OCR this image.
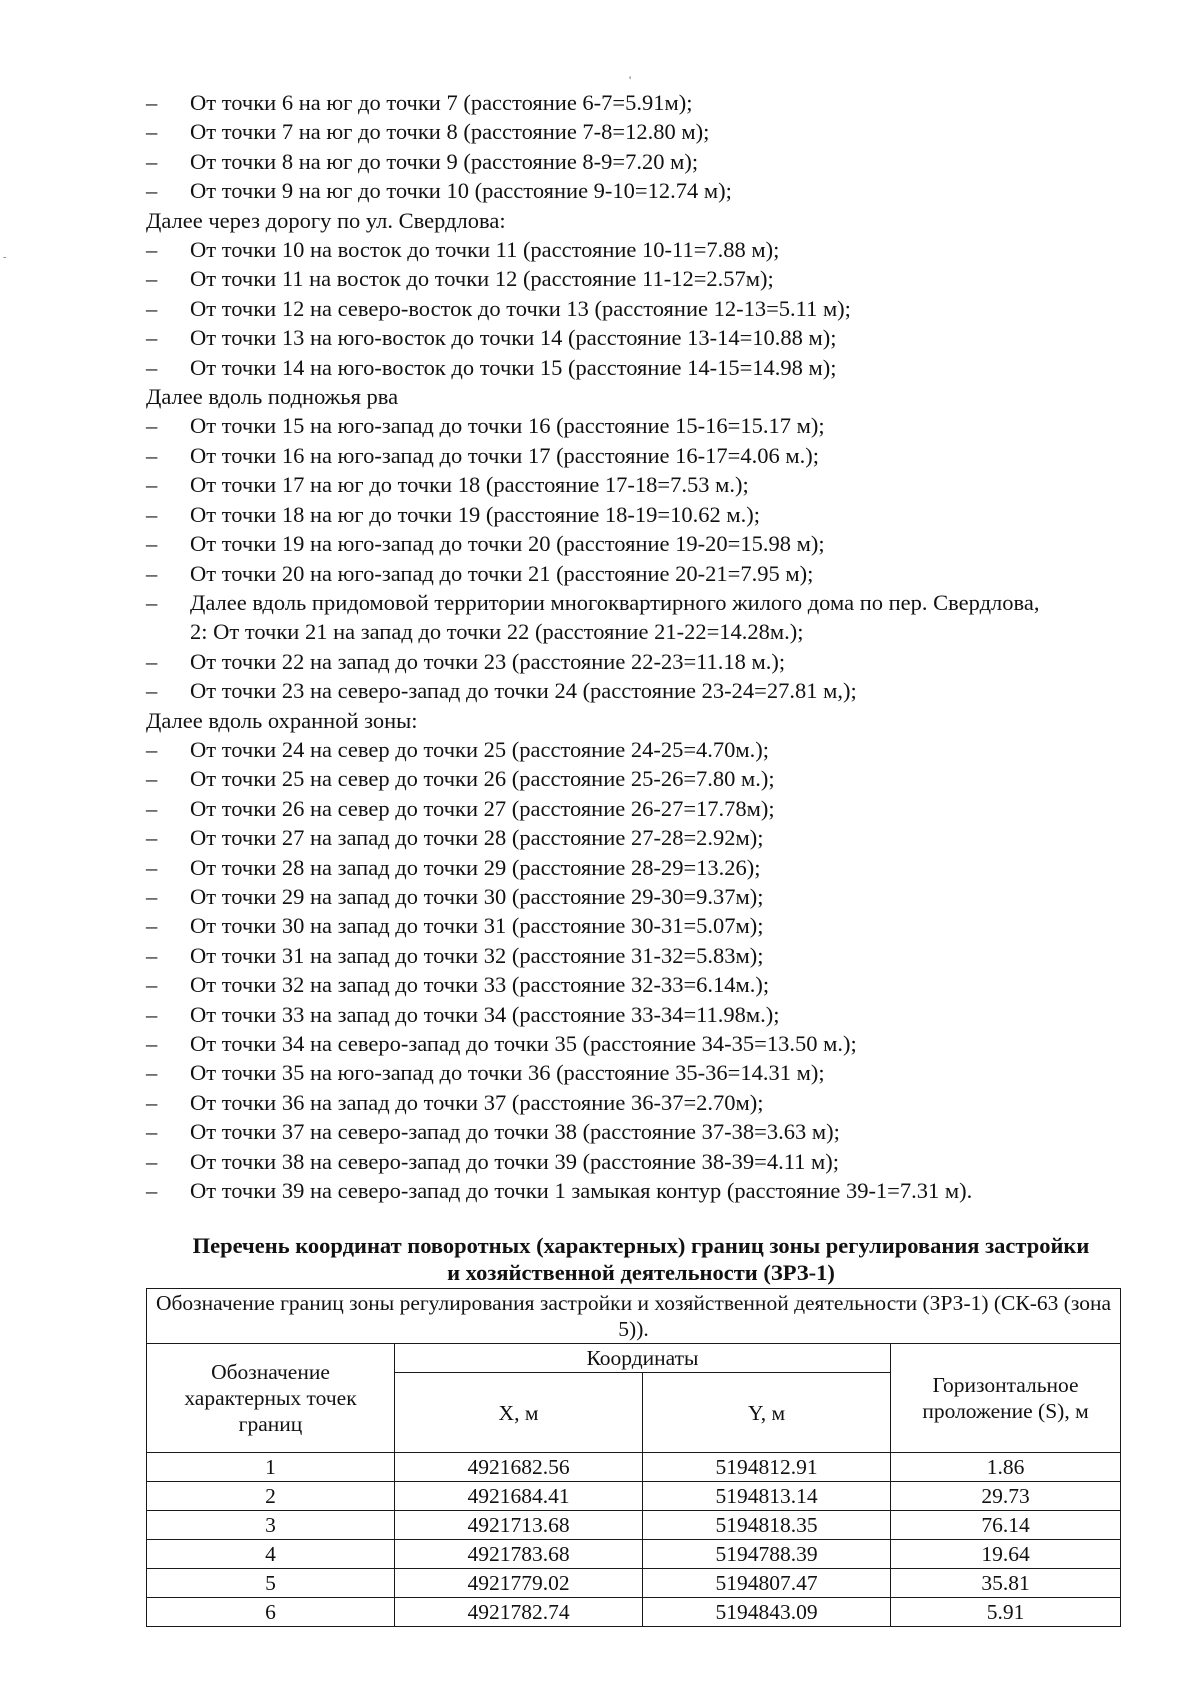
'
-
– От точки 6 на юг до точки 7 (расстояние 6-7=5.91м);
– От точки 7 на юг до точки 8 (расстояние 7-8=12.80 м);
– От точки 8 на юг до точки 9 (расстояние 8-9=7.20 м);
– От точки 9 на юг до точки 10 (расстояние 9-10=12.74 м);
Далее через дорогу по ул. Свердлова:
– От точки 10 на восток до точки 11 (расстояние 10-11=7.88 м);
– От точки 11 на восток до точки 12 (расстояние 11-12=2.57м);
– От точки 12 на северо-восток до точки 13 (расстояние 12-13=5.11 м);
– От точки 13 на юго-восток до точки 14 (расстояние 13-14=10.88 м);
– От точки 14 на юго-восток до точки 15 (расстояние 14-15=14.98 м);
Далее вдоль подножья рва
– От точки 15 на юго-запад до точки 16 (расстояние 15-16=15.17 м);
– От точки 16 на юго-запад до точки 17 (расстояние 16-17=4.06 м.);
– От точки 17 на юг до точки 18 (расстояние 17-18=7.53 м.);
– От точки 18 на юг до точки 19 (расстояние 18-19=10.62 м.);
– От точки 19 на юго-запад до точки 20 (расстояние 19-20=15.98 м);
– От точки 20 на юго-запад до точки 21 (расстояние 20-21=7.95 м);
– Далее вдоль придомовой территории многоквартирного жилого дома по пер. Свердлова,
2: От точки 21 на запад до точки 22 (расстояние 21-22=14.28м.);
– От точки 22 на запад до точки 23 (расстояние 22-23=11.18 м.);
– От точки 23 на северо-запад до точки 24 (расстояние 23-24=27.81 м,);
Далее вдоль охранной зоны:
– От точки 24 на север до точки 25 (расстояние 24-25=4.70м.);
– От точки 25 на север до точки 26 (расстояние 25-26=7.80 м.);
– От точки 26 на север до точки 27 (расстояние 26-27=17.78м);
– От точки 27 на запад до точки 28 (расстояние 27-28=2.92м);
– От точки 28 на запад до точки 29 (расстояние 28-29=13.26);
– От точки 29 на запад до точки 30 (расстояние 29-30=9.37м);
– От точки 30 на запад до точки 31 (расстояние 30-31=5.07м);
– От точки 31 на запад до точки 32 (расстояние 31-32=5.83м);
– От точки 32 на запад до точки 33 (расстояние 32-33=6.14м.);
– От точки 33 на запад до точки 34 (расстояние 33-34=11.98м.);
– От точки 34 на северо-запад до точки 35 (расстояние 34-35=13.50 м.);
– От точки 35 на юго-запад до точки 36 (расстояние 35-36=14.31 м);
– От точки 36 на запад до точки 37 (расстояние 36-37=2.70м);
– От точки 37 на северо-запад до точки 38 (расстояние 37-38=3.63 м);
– От точки 38 на северо-запад до точки 39 (расстояние 38-39=4.11 м);
– От точки 39 на северо-запад до точки 1 замыкая контур (расстояние 39-1=7.31 м).
Перечень координат поворотных (характерных) границ зоны регулирования застройки
и хозяйственной деятельности (ЗРЗ-1)
Обозначение границ зоны регулирования застройки и хозяйственной деятельности (ЗРЗ-1) (СК-63 (зона 5)).			
Обозначение характерных точек границ	Координаты		Горизонтальное проложение (S), м
	X, м	Y, м	
1	4921682.56	5194812.91	1.86
2	4921684.41	5194813.14	29.73
3	4921713.68	5194818.35	76.14
4	4921783.68	5194788.39	19.64
5	4921779.02	5194807.47	35.81
6	4921782.74	5194843.09	5.91
